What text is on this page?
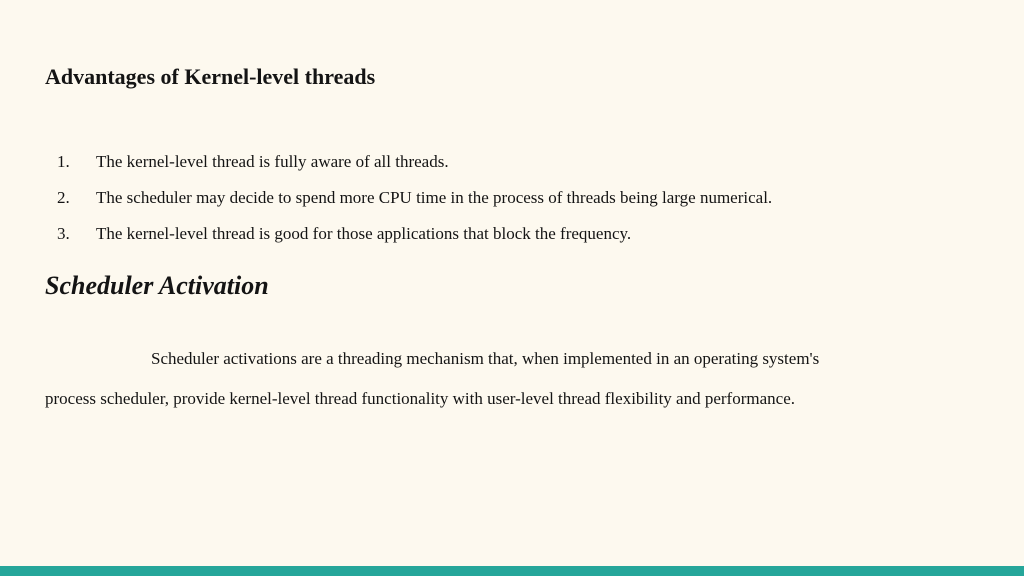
Advantages of Kernel-level threads
1. The kernel-level thread is fully aware of all threads.
2. The scheduler may decide to spend more CPU time in the process of threads being large numerical.
3. The kernel-level thread is good for those applications that block the frequency.
Scheduler Activation
Scheduler activations are a threading mechanism that, when implemented in an operating system's
process scheduler, provide kernel-level thread functionality with user-level thread flexibility and performance.
